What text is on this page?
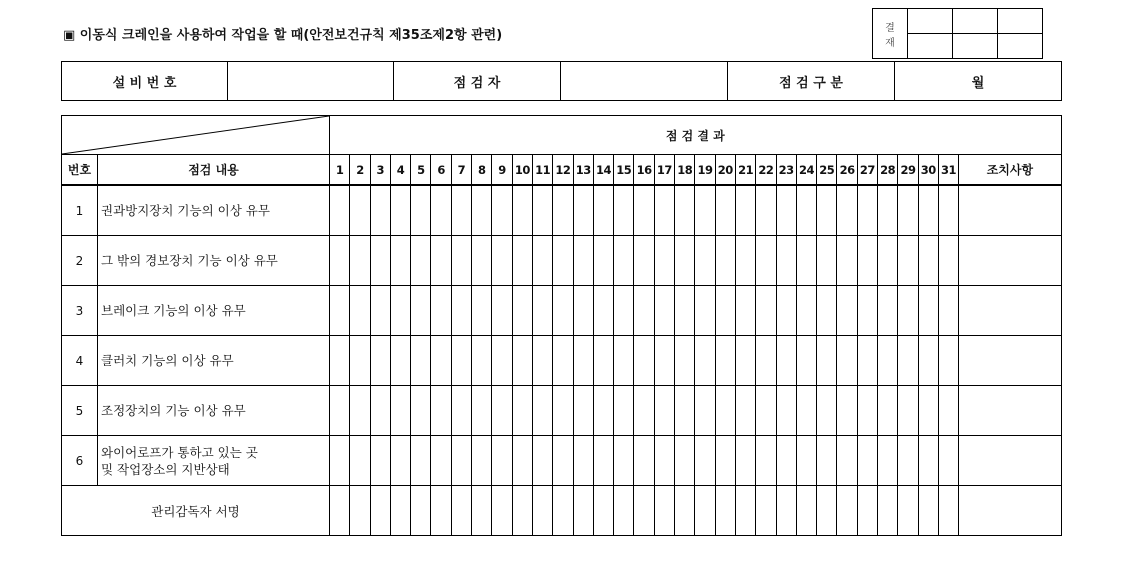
▣ 이동식 크레인을 사용하여 작업을 할 때(안전보건규칙 제35조제2항 관련)	결
재			

설 비 번 호		점 검 자		점 검 구 분	월
	점 검 결 과																															
번호	점검 내용	1	2	3	4	5	6	7	8	9	10	11	12	13	14	15	16	17	18	19	20	21	22	23	24	25	26	27	28	29	30	31	조치사항
1	권과방지장치 기능의 이상 유무																																

2	그 밖의 경보장치 기능 이상 유무																																

3	브레이크 기능의 이상 유무																																

4	클러치 기능의 이상 유무																																

5	조정장치의 기능 이상 유무																																

6	와이어로프가 통하고 있는 곳
및 작업장소의 지반상태																																

관리감독자 서명																																	
